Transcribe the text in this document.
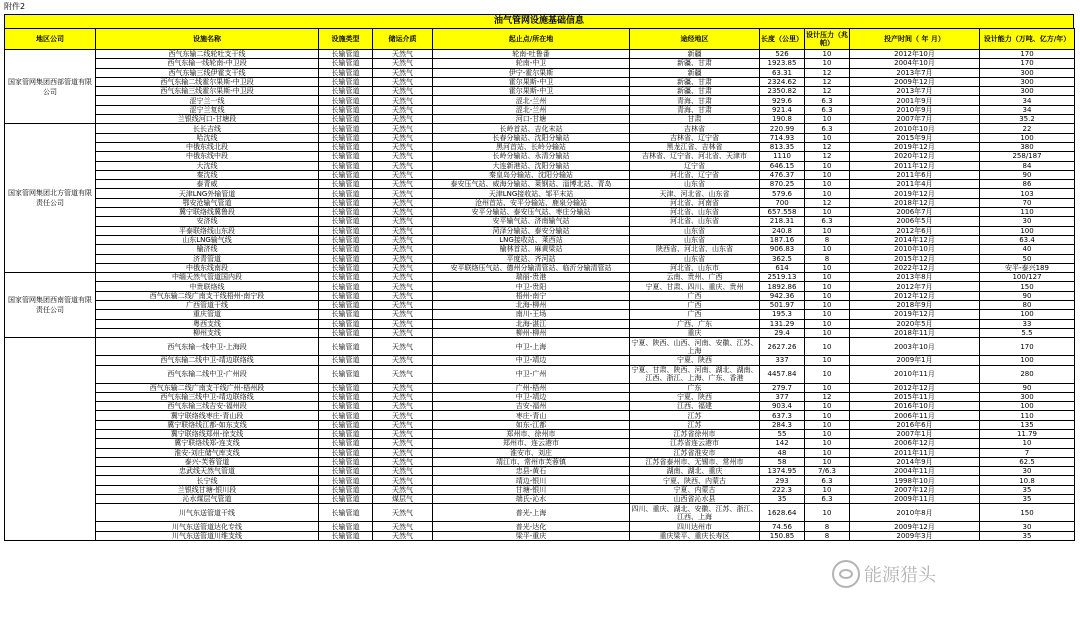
附件2
油气管网设施基础信息
地区公司	设施名称	设施类型	储运介质	起止点/所在地	途经地区	长度（公里）	设计压力（兆帕）	投产时间（ 年 月）	设计能力（万吨、亿方/年）
国家管网集团西部管道有限公司	西气东输二线轮吐支干线	长输管道	天然气	轮南-吐鲁番	新疆	526	10	2012年10月	170
	西气东输一线轮南-中卫段	长输管道	天然气	轮南-中卫	新疆、甘肃	1923.85	10	2004年10月	170
	西气东输三线伊霍支干线	长输管道	天然气	伊宁-霍尔果斯	新疆	63.31	12	2013年7月	300
	西气东输二线霍尔果斯-中卫段	长输管道	天然气	霍尔果斯-中卫	新疆、甘肃	2324.62	12	2009年12月	300
	西气东输三线霍尔果斯-中卫段	长输管道	天然气	霍尔果斯-中卫	新疆、甘肃	2350.82	12	2013年7月	300
	涩宁兰一线	长输管道	天然气	涩北-兰州	青海、甘肃	929.6	6.3	2001年9月	34
	涩宁兰复线	长输管道	天然气	涩北-兰州	青海、甘肃	921.4	6.3	2010年9月	34
	兰银线河口-甘塘段	长输管道	天然气	河口-甘塘	甘肃	190.8	10	2007年7月	35.2
国家管网集团北方管道有限责任公司	长长吉线	长输管道	天然气	长岭首站、吉化末站	吉林省	220.99	6.3	2010年10月	22
	哈沈线	长输管道	天然气	长春分输站、沈阳分输站	吉林省、辽宁省	714.93	10	2015年9月	100
	中俄东线北段	长输管道	天然气	黑河首站、长岭分输站	黑龙江省、吉林省	813.35	12	2019年12月	380
	中俄东线中段	长输管道	天然气	长岭分输站、永清分输站	吉林省、辽宁省、河北省、天津市	1110	12	2020年12月	258/187
	大沈线	长输管道	天然气	大连新港站、沈阳分输站	辽宁省	646.15	10	2011年12月	84
	秦沈线	长输管道	天然气	秦皇岛分输站、沈阳分输站	河北省、辽宁省	476.37	10	2011年6月	90
	泰青威	长输管道	天然气	泰安压气站、威海分输站、莱钢站、淄博北站、青岛	山东省	870.25	10	2011年4月	86
	天津LNG外输管道	长输管道	天然气	天津LNG接收站、邹平末站	天津、河北省、山东省	579.6	10	2019年12月	103
	鄂安沧输气管道	长输管道	天然气	沧州首站、安平分输站、鹿泉分输站	河北省、河南省	700	12	2018年12月	70
	冀宁联络线冀鲁段	长输管道	天然气	安平分输站、泰安压气站、枣庄分输站	河北省、山东省	657.558	10	2006年7月	110
	安济线	长输管道	天然气	安平输气站、济南输气站	河北省、山东省	218.31	6.3	2006年5月	30
	平泰联络线山东段	长输管道	天然气	菏泽分输站、泰安分输站	山东省	240.8	10	2012年6月	100
	山东LNG输气线	长输管道	天然气	LNG接收站、莱西站	山东省	187.16	8	2014年12月	63.4
	榆济线	长输管道	天然气	榆林首站、麻黄梁站	陕西省、河北省、山东省	906.83	10	2010年10月	40
	济青管道	长输管道	天然气	平度站、齐河站	山东省	362.5	8	2015年12月	50
	中俄东线南段	长输管道	天然气	安平联络压气站、德州分输清管站、临沂分输清管站	河北省、山东市	614	10	2022年12月	安平-泰兴189
国家管网集团西南管道有限责任公司	中缅天然气管道国内段	长输管道	天然气	瑞丽-贵港	云南、贵州、广西	2519.13	10	2013年8月	100/127
	中贵联络线	长输管道	天然气	中卫-贵阳	宁夏、甘肃、四川、重庆、贵州	1892.86	10	2012年7月	150
	西气东输二线广南支干线梧州-南宁段	长输管道	天然气	梧州-南宁	广西	942.36	10	2012年12月	90
	广西管道干线	长输管道	天然气	北海-柳州	广西	501.97	10	2018年9月	80
	重庆管道	长输管道	天然气	南川-王场	广西	195.3	10	2019年12月	100
	粤西支线	长输管道	天然气	北海-湛江	广西、广东	131.29	10	2020年5月	33
	柳州支线	长输管道	天然气	柳州-柳州	重庆	29.4	10	2018年11月	5.5
	西气东输一线中卫-上海段	长输管道	天然气	中卫-上海	宁夏、陕西、山西、河南、安徽、江苏、上海	2627.26	10	2003年10月	170
	西气东输二线中卫-靖边联络线	长输管道	天然气	中卫-靖边	宁夏、陕西	337	10	2009年1月	100
	西气东输二线中卫-广州段	长输管道	天然气	中卫-广州	宁夏、甘肃、陕西、河南、湖北、湖南、江西、浙江、上海、广东、香港	4457.84	10	2010年11月	280
	西气东输二线广南支干线广州-梧州段	长输管道	天然气	广州-梧州	广东	279.7	10	2012年12月	90
	西气东输三线中卫-靖边联络线	长输管道	天然气	中卫-靖边	宁夏、陕西	377	12	2015年11月	300
	西气东输三线吉安-福州段	长输管道	天然气	吉安-福州	江西、福建	903.4	10	2016年10月	100
	冀宁联络线枣庄-青山段	长输管道	天然气	枣庄-青山	江苏	637.3	10	2006年11月	110
	冀宁联络线江都-如东支线	长输管道	天然气	如东-江都	江苏	284.3	10	2016年6月	135
	冀宁联络线郑州-徐支线	长输管道	天然气	郑州市、徐州市	江苏省徐州市	55	10	2007年1月	11.79
	冀宁联络线郑-连支线	长输管道	天然气	郑州市、连云港市	江苏省连云港市	142	10	2006年12月	10
	淮安-刘庄储气库支线	长输管道	天然气	淮安市、刘庄	江苏省淮安市	48	10	2011年11月	7
	泰兴-芙蓉管道	长输管道	天然气	靖江市、常州市芙蓉镇	江苏省泰州市、无锡市、常州市	58	10	2014年9月	62.5
	忠武线天然气管道	长输管道	天然气	忠县-黄石	湖南、湖北、重庆	1374.95	7/6.3	2004年11月	30
	长宁线	长输管道	天然气	靖边-银川	宁夏、陕西、内蒙古	293	6.3	1998年10月	10.8
	兰银线甘塘-银川段	长输管道	天然气	甘塘-银川	宁夏、内蒙古	222.3	10	2007年12月	35
	沁水煤层气管道	长输管道	煤层气	端氏-沁水	山西省沁水县	35	6.3	2009年11月	35
	川气东送管道干线	长输管道	天然气	普光-上海	四川、重庆、湖北、安徽、江苏、浙江、江西、上海	1628.64	10	2010年8月	150
	川气东送管道达化专线	长输管道	天然气	普光-达化	四川达州市	74.56	8	2009年12月	30
	川气东送管道川维支线	长输管道	天然气	梁平-重庆	重庆梁平、重庆长寿区	150.85	8	2009年3月	35
能源猎头
